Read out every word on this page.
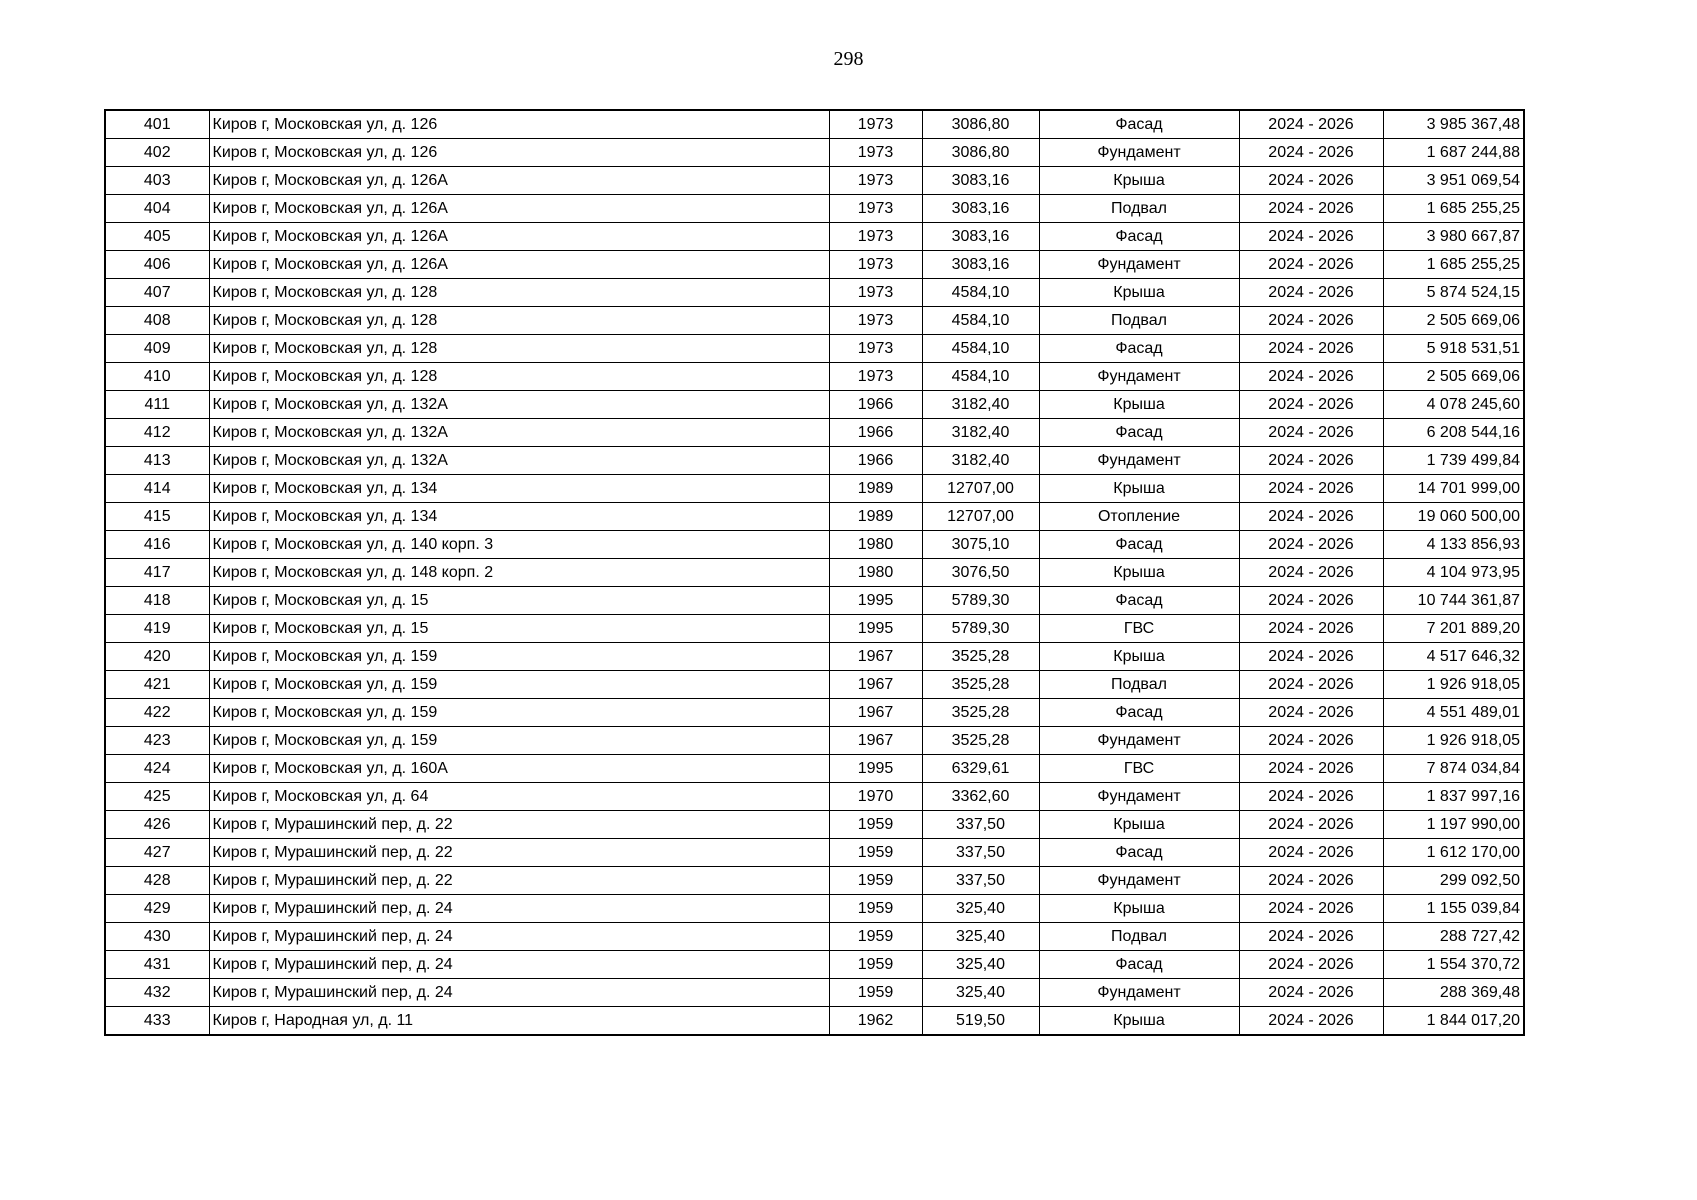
298
401	Киров г, Московская ул, д. 126	1973	3086,80	Фасад	2024 - 2026	3 985 367,48
402	Киров г, Московская ул, д. 126	1973	3086,80	Фундамент	2024 - 2026	1 687 244,88
403	Киров г, Московская ул, д. 126А	1973	3083,16	Крыша	2024 - 2026	3 951 069,54
404	Киров г, Московская ул, д. 126А	1973	3083,16	Подвал	2024 - 2026	1 685 255,25
405	Киров г, Московская ул, д. 126А	1973	3083,16	Фасад	2024 - 2026	3 980 667,87
406	Киров г, Московская ул, д. 126А	1973	3083,16	Фундамент	2024 - 2026	1 685 255,25
407	Киров г, Московская ул, д. 128	1973	4584,10	Крыша	2024 - 2026	5 874 524,15
408	Киров г, Московская ул, д. 128	1973	4584,10	Подвал	2024 - 2026	2 505 669,06
409	Киров г, Московская ул, д. 128	1973	4584,10	Фасад	2024 - 2026	5 918 531,51
410	Киров г, Московская ул, д. 128	1973	4584,10	Фундамент	2024 - 2026	2 505 669,06
411	Киров г, Московская ул, д. 132А	1966	3182,40	Крыша	2024 - 2026	4 078 245,60
412	Киров г, Московская ул, д. 132А	1966	3182,40	Фасад	2024 - 2026	6 208 544,16
413	Киров г, Московская ул, д. 132А	1966	3182,40	Фундамент	2024 - 2026	1 739 499,84
414	Киров г, Московская ул, д. 134	1989	12707,00	Крыша	2024 - 2026	14 701 999,00
415	Киров г, Московская ул, д. 134	1989	12707,00	Отопление	2024 - 2026	19 060 500,00
416	Киров г, Московская ул, д. 140 корп. 3	1980	3075,10	Фасад	2024 - 2026	4 133 856,93
417	Киров г, Московская ул, д. 148 корп. 2	1980	3076,50	Крыша	2024 - 2026	4 104 973,95
418	Киров г, Московская ул, д. 15	1995	5789,30	Фасад	2024 - 2026	10 744 361,87
419	Киров г, Московская ул, д. 15	1995	5789,30	ГВС	2024 - 2026	7 201 889,20
420	Киров г, Московская ул, д. 159	1967	3525,28	Крыша	2024 - 2026	4 517 646,32
421	Киров г, Московская ул, д. 159	1967	3525,28	Подвал	2024 - 2026	1 926 918,05
422	Киров г, Московская ул, д. 159	1967	3525,28	Фасад	2024 - 2026	4 551 489,01
423	Киров г, Московская ул, д. 159	1967	3525,28	Фундамент	2024 - 2026	1 926 918,05
424	Киров г, Московская ул, д. 160А	1995	6329,61	ГВС	2024 - 2026	7 874 034,84
425	Киров г, Московская ул, д. 64	1970	3362,60	Фундамент	2024 - 2026	1 837 997,16
426	Киров г, Мурашинский пер, д. 22	1959	337,50	Крыша	2024 - 2026	1 197 990,00
427	Киров г, Мурашинский пер, д. 22	1959	337,50	Фасад	2024 - 2026	1 612 170,00
428	Киров г, Мурашинский пер, д. 22	1959	337,50	Фундамент	2024 - 2026	299 092,50
429	Киров г, Мурашинский пер, д. 24	1959	325,40	Крыша	2024 - 2026	1 155 039,84
430	Киров г, Мурашинский пер, д. 24	1959	325,40	Подвал	2024 - 2026	288 727,42
431	Киров г, Мурашинский пер, д. 24	1959	325,40	Фасад	2024 - 2026	1 554 370,72
432	Киров г, Мурашинский пер, д. 24	1959	325,40	Фундамент	2024 - 2026	288 369,48
433	Киров г, Народная ул, д. 11	1962	519,50	Крыша	2024 - 2026	1 844 017,20
